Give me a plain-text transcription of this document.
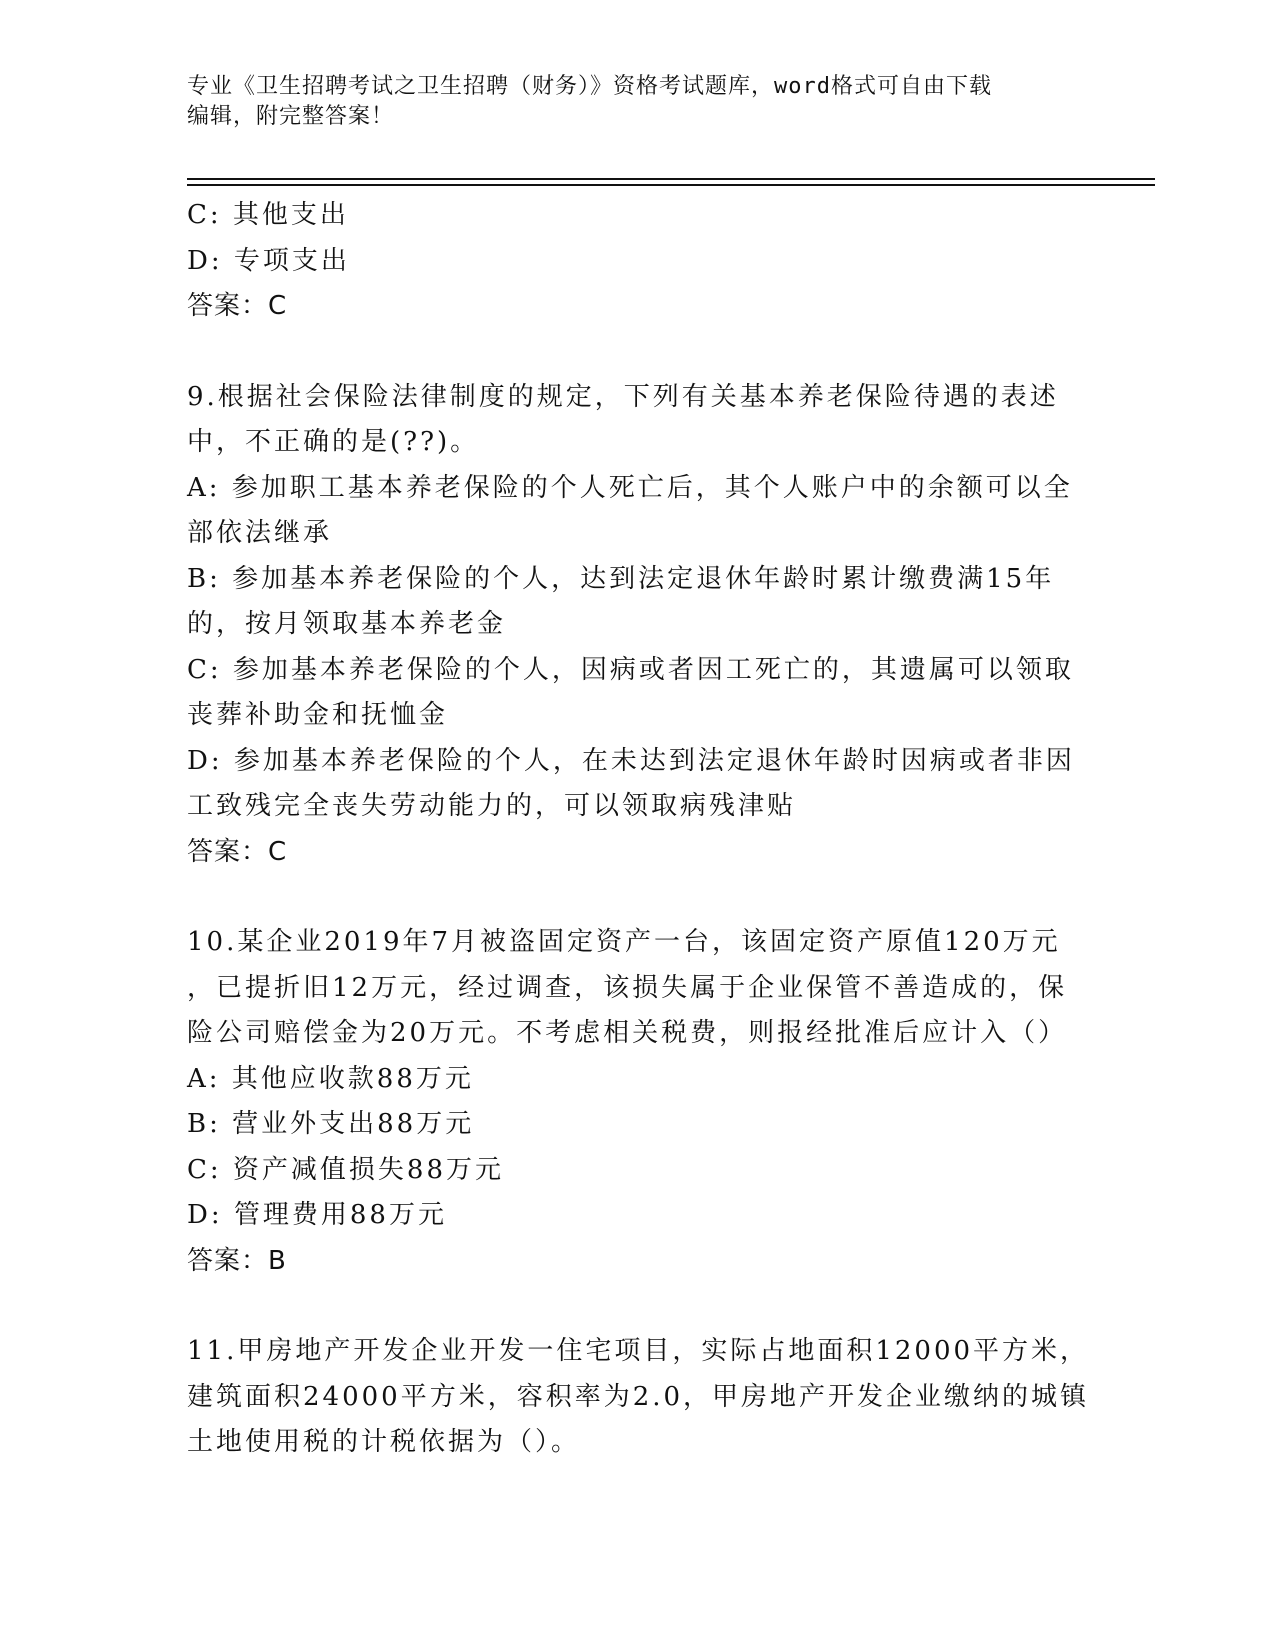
专业《卫生招聘考试之卫生招聘（财务）》资格考试题库，word格式可自由下载
编辑，附完整答案！
C: 其他支出
D: 专项支出
答案：C
9.根据社会保险法律制度的规定，下列有关基本养老保险待遇的表述
中，不正确的是(??)。
A: 参加职工基本养老保险的个人死亡后，其个人账户中的余额可以全
部依法继承
B: 参加基本养老保险的个人，达到法定退休年龄时累计缴费满15年
的，按月领取基本养老金
C: 参加基本养老保险的个人，因病或者因工死亡的，其遗属可以领取
丧葬补助金和抚恤金
D: 参加基本养老保险的个人，在未达到法定退休年龄时因病或者非因
工致残完全丧失劳动能力的，可以领取病残津贴
答案：C
10.某企业2019年7月被盗固定资产一台，该固定资产原值120万元
，已提折旧12万元，经过调查，该损失属于企业保管不善造成的，保
险公司赔偿金为20万元。不考虑相关税费，则报经批准后应计入（）
A: 其他应收款88万元
B: 营业外支出88万元
C: 资产减值损失88万元
D: 管理费用88万元
答案：B
11.甲房地产开发企业开发一住宅项目，实际占地面积12000平方米，
建筑面积24000平方米，容积率为2.0，甲房地产开发企业缴纳的城镇
土地使用税的计税依据为（）。
